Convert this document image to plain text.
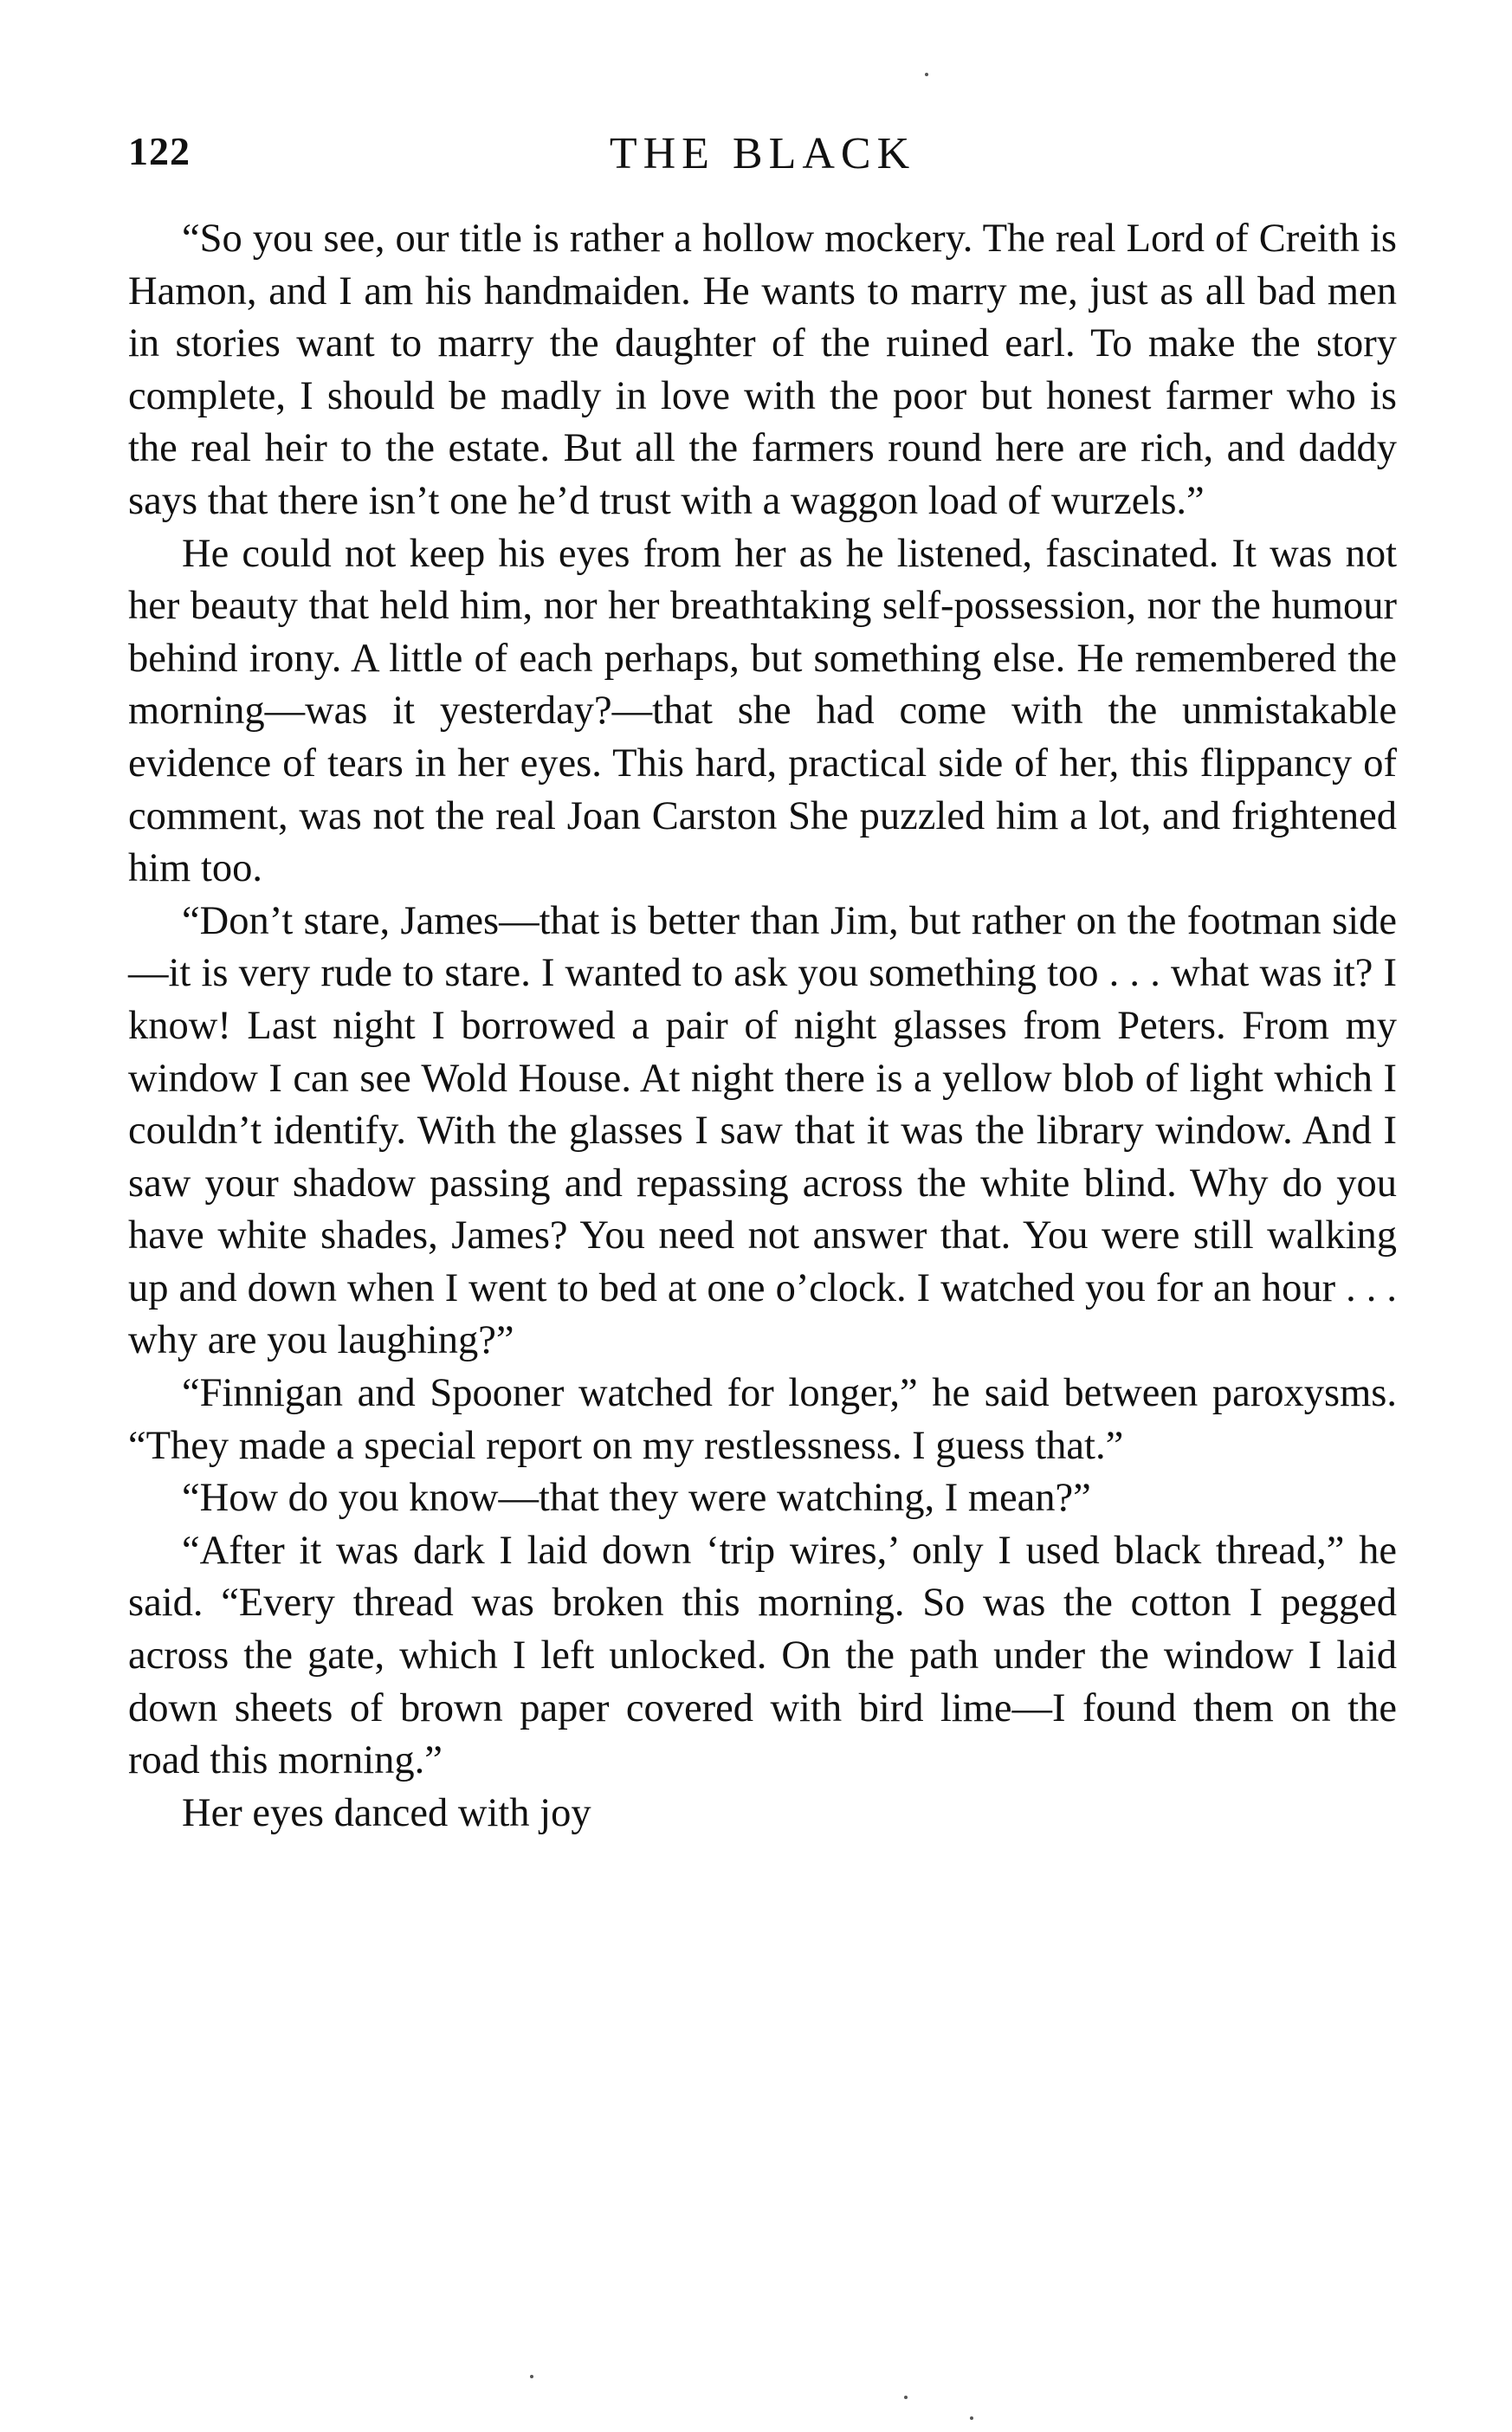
122	THE BLACK

“So you see, our title is rather a hollow mockery. The real Lord of Creith is Hamon, and I am his handmaiden. He wants to marry me, just as all bad men in stories want to marry the daughter of the ruined earl. To make the story complete, I should be madly in love with the poor but honest farmer who is the real heir to the estate. But all the farmers round here are rich, and daddy says that there isn’t one he’d trust with a waggon load of wurzels.”

He could not keep his eyes from her as he listened, fascinated. It was not her beauty that held him, nor her breathtaking self-possession, nor the humour behind irony. A little of each perhaps, but something else. He remembered the morning—was it yesterday?—that she had come with the unmistakable evidence of tears in her eyes. This hard, practical side of her, this flippancy of comment, was not the real Joan Carston She puzzled him a lot, and frightened him too.

“Don’t stare, James—that is better than Jim, but rather on the footman side—it is very rude to stare. I wanted to ask you something too . . . what was it? I know! Last night I borrowed a pair of night glasses from Peters. From my window I can see Wold House. At night there is a yellow blob of light which I couldn’t identify. With the glasses I saw that it was the library window. And I saw your shadow passing and repassing across the white blind. Why do you have white shades, James? You need not answer that. You were still walking up and down when I went to bed at one o’clock. I watched you for an hour . . . why are you laughing?”

“Finnigan and Spooner watched for longer,” he said between paroxysms. “They made a special report on my restlessness. I guess that.”

“How do you know—that they were watching, I mean?”

“After it was dark I laid down ‘trip wires,’ only I used black thread,” he said. “Every thread was broken this morning. So was the cotton I pegged across the gate, which I left unlocked. On the path under the window I laid down sheets of brown paper covered with bird lime—I found them on the road this morning.”

Her eyes danced with joy
